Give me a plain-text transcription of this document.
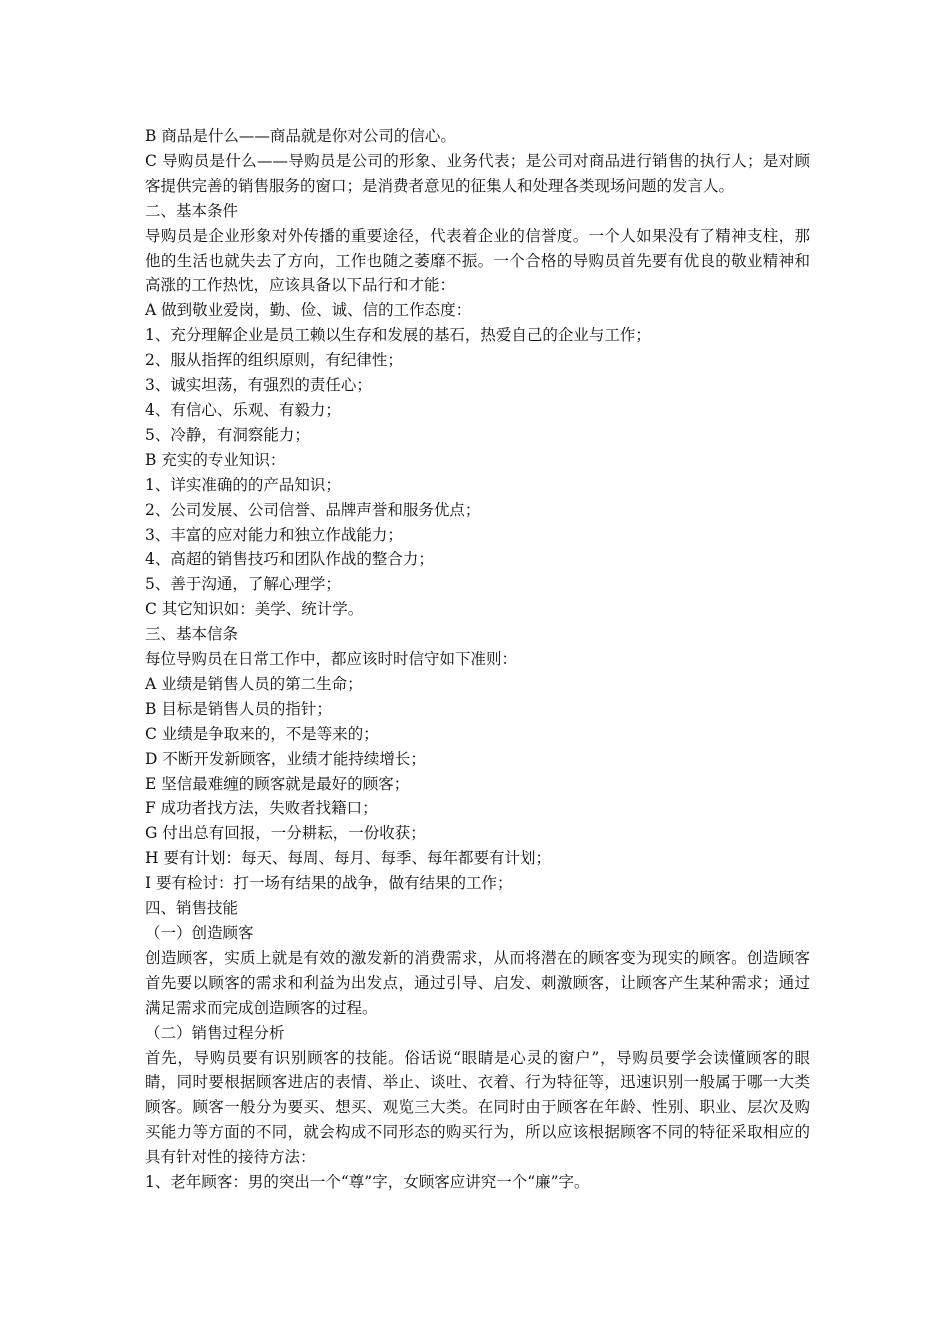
B 商品是什么——商品就是你对公司的信心。

C 导购员是什么——导购员是公司的形象、业务代表；是公司对商品进行销售的执行人；是对顾客提供完善的销售服务的窗口；是消费者意见的征集人和处理各类现场问题的发言人。

二、基本条件

导购员是企业形象对外传播的重要途径，代表着企业的信誉度。一个人如果没有了精神支柱，那他的生活也就失去了方向，工作也随之萎靡不振。一个合格的导购员首先要有优良的敬业精神和高涨的工作热忱，应该具备以下品行和才能：

A 做到敬业爱岗，勤、俭、诚、信的工作态度：

1、充分理解企业是员工赖以生存和发展的基石，热爱自己的企业与工作；

2、服从指挥的组织原则，有纪律性；

3、诚实坦荡，有强烈的责任心；

4、有信心、乐观、有毅力；

5、冷静，有洞察能力；

B 充实的专业知识：

1、详实准确的的产品知识；

2、公司发展、公司信誉、品牌声誉和服务优点；

3、丰富的应对能力和独立作战能力；

4、高超的销售技巧和团队作战的整合力；

5、善于沟通，了解心理学；

C 其它知识如：美学、统计学。

三、基本信条

每位导购员在日常工作中，都应该时时信守如下准则：

A 业绩是销售人员的第二生命；

B 目标是销售人员的指针；

C 业绩是争取来的，不是等来的；

D 不断开发新顾客，业绩才能持续增长；

E 坚信最难缠的顾客就是最好的顾客；

F 成功者找方法，失败者找籍口；

G 付出总有回报，一分耕耘，一份收获；

H 要有计划：每天、每周、每月、每季、每年都要有计划；

I 要有检讨：打一场有结果的战争，做有结果的工作；

四、销售技能

（一）创造顾客

创造顾客，实质上就是有效的激发新的消费需求，从而将潜在的顾客变为现实的顾客。创造顾客首先要以顾客的需求和利益为出发点，通过引导、启发、刺激顾客，让顾客产生某种需求；通过满足需求而完成创造顾客的过程。

（二）销售过程分析

首先，导购员要有识别顾客的技能。俗话说“眼睛是心灵的窗户”，导购员要学会读懂顾客的眼睛，同时要根据顾客进店的表情、举止、谈吐、衣着、行为特征等，迅速识别一般属于哪一大类顾客。顾客一般分为要买、想买、观览三大类。在同时由于顾客在年龄、性别、职业、层次及购买能力等方面的不同，就会构成不同形态的购买行为，所以应该根据顾客不同的特征采取相应的具有针对性的接待方法：

1、老年顾客：男的突出一个“尊”字，女顾客应讲究一个“廉”字。
